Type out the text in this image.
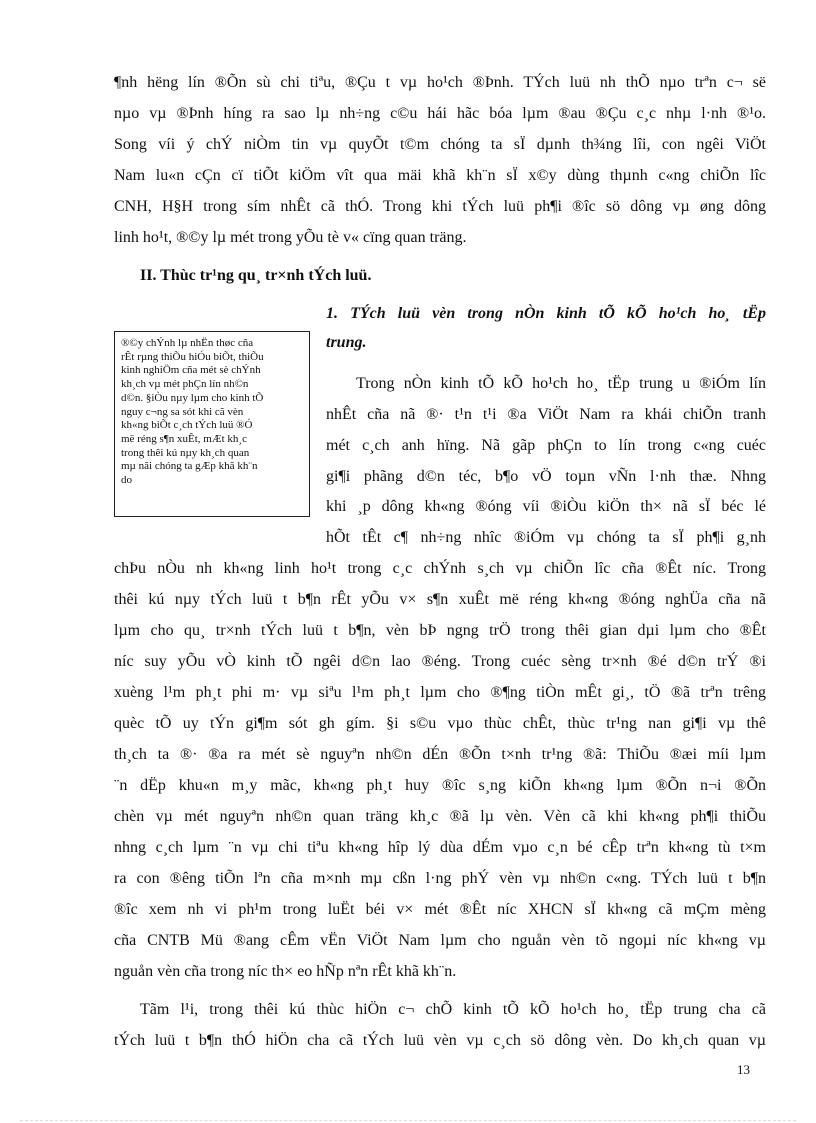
¶nh hëng lín ®Õn sù chi tiªu, ®Çu t vµ ho¹ch ®Þnh. TÝch luü nh thÕ nµo trªn c¬ së
nµo vµ ®Þnh híng ra sao lµ nh÷ng c©u hái hãc bóa lµm ®au ®Çu c¸c nhµ l·nh ®¹o.
Song víi ý chÝ niÒm tin vµ quyÕt t©m chóng ta sÏ dµnh th¾ng lîi, con ngêi ViÖt
Nam lu«n cÇn cï tiÕt kiÖm vît qua mäi khã kh¨n sÏ x©y dùng thµnh c«ng chiÕn lîc
CNH, H§H trong sím nhÊt cã thÓ. Trong khi tÝch luü ph¶i ®îc sö dông vµ øng dông
linh ho¹t, ®©y lµ mét trong yÕu tè v« cïng quan träng.
II. Thùc tr¹ng qu¸ tr×nh tÝch luü.
1. TÝch luü vèn trong nÒn kinh tÕ kÕ ho¹ch ho¸ tËp
trung.
®©y chÝnh lµ nhËn thøc cña
rÊt rµng thiÕu hiÓu biÕt, thiÕu
kinh nghiÖm cña mét sè chÝnh
kh¸ch vµ mét phÇn lín nh©n
d©n. §iÒu nµy lµm cho kinh tÕ
nguy c¬ng sa sót khi cã vèn
kh«ng biÕt c¸ch tÝch luü ®Ó
më réng s¶n xuÊt, mÆt kh¸c
trong thêi kú nµy kh¸ch quan
mµ nãi chóng ta gÆp khã kh¨n
do
Trong nÒn kinh tÕ kÕ ho¹ch ho¸ tËp trung u ®iÓm lín
nhÊt cña nã ®· t¹n t¹i ®a ViÖt Nam ra khái chiÕn tranh
mét c¸ch anh hïng. Nã gãp phÇn to lín trong c«ng cuéc
gi¶i phãng d©n téc, b¶o vÖ toµn vÑn l·nh thæ. Nhng
khi ¸p dông kh«ng ®óng víi ®iÒu kiÖn th× nã sÏ béc lé
hÕt tÊt c¶ nh÷ng nhîc ®iÓm vµ chóng ta sÏ ph¶i g¸nh
chÞu nÒu nh kh«ng linh ho¹t trong c¸c chÝnh s¸ch vµ chiÕn lîc cña ®Êt níc. Trong
thêi kú nµy tÝch luü t b¶n rÊt yÕu v× s¶n xuÊt më réng kh«ng ®óng nghÜa cña nã
lµm cho qu¸ tr×nh tÝch luü t b¶n, vèn bÞ ngng trÖ trong thêi gian dµi lµm cho ®Êt
níc suy yÕu vÒ kinh tÕ ngêi d©n lao ®éng. Trong cuéc sèng tr×nh ®é d©n trÝ ®i
xuèng l¹m ph¸t phi m· vµ siªu l¹m ph¸t lµm cho ®¶ng tiÒn mÊt gi¸, tÖ ®ã trªn trêng
quèc tÕ uy tÝn gi¶m sót gh gím. §i s©u vµo thùc chÊt, thùc tr¹ng nan gi¶i vµ thê
th¸ch ta ®· ®a ra mét sè nguyªn nh©n dÉn ®Õn t×nh tr¹ng ®ã: ThiÕu ®æi míi lµm
¨n dËp khu«n m¸y mãc, kh«ng ph¸t huy ®îc s¸ng kiÕn kh«ng lµm ®Õn n¬i ®Õn
chèn vµ mét nguyªn nh©n quan träng kh¸c ®ã lµ vèn. Vèn cã khi kh«ng ph¶i thiÕu
nhng c¸ch lµm ¨n vµ chi tiªu kh«ng hîp lý dùa dÉm vµo c¸n bé cÊp trªn kh«ng tù t×m
ra con ®êng tiÕn lªn cña m×nh mµ cßn l·ng phÝ vèn vµ nh©n c«ng. TÝch luü t b¶n
®îc xem nh vi ph¹m trong luËt béi v× mét ®Êt níc XHCN sÏ kh«ng cã mÇm mèng
cña CNTB Mü ®ang cÊm vËn ViÖt Nam lµm cho nguån vèn tõ ngoµi níc kh«ng vµ
nguån vèn cña trong níc th× eo hÑp nªn rÊt khã kh¨n.
Tãm l¹i, trong thêi kú thùc hiÖn c¬ chÕ kinh tÕ kÕ ho¹ch ho¸ tËp trung cha cã
tÝch luü t b¶n thÓ hiÖn cha cã tÝch luü vèn vµ c¸ch sö dông vèn. Do kh¸ch quan vµ
13
